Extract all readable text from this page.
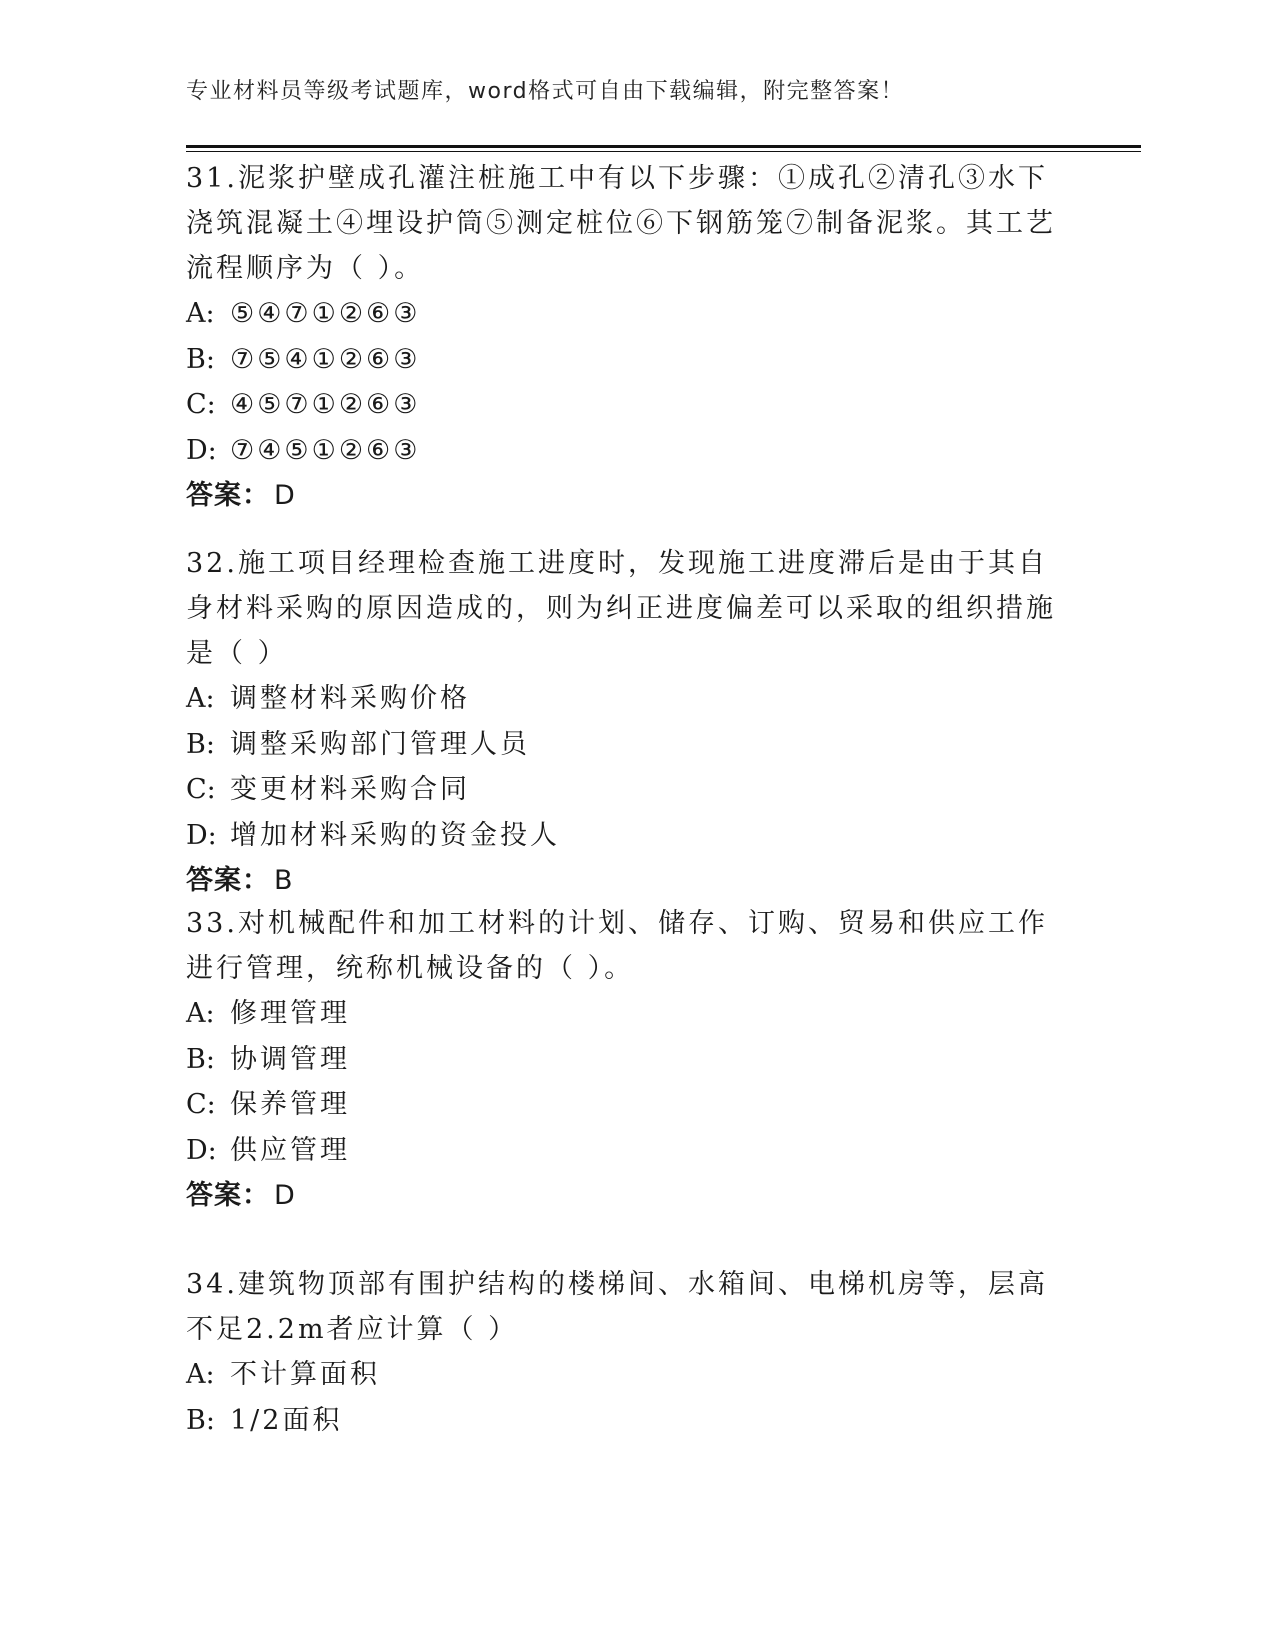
专业材料员等级考试题库，word格式可自由下载编辑，附完整答案！

31.泥浆护壁成孔灌注桩施工中有以下步骤：①成孔②清孔③水下浇筑混凝土④埋设护筒⑤测定桩位⑥下钢筋笼⑦制备泥浆。其工艺流程顺序为（ ）。

A: ⑤④⑦①②⑥③
B: ⑦⑤④①②⑥③
C: ④⑤⑦①②⑥③
D: ⑦④⑤①②⑥③
答案： D

32.施工项目经理检查施工进度时，发现施工进度滞后是由于其自身材料采购的原因造成的，则为纠正进度偏差可以采取的组织措施是（ ）

A: 调整材料采购价格
B: 调整采购部门管理人员
C: 变更材料采购合同
D: 增加材料采购的资金投人
答案： B

33.对机械配件和加工材料的计划、储存、订购、贸易和供应工作进行管理，统称机械设备的（ ）。

A: 修理管理
B: 协调管理
C: 保养管理
D: 供应管理
答案： D

34.建筑物顶部有围护结构的楼梯间、水箱间、电梯机房等，层高不足2.2m者应计算（ ）

A: 不计算面积
B: 1/2面积
